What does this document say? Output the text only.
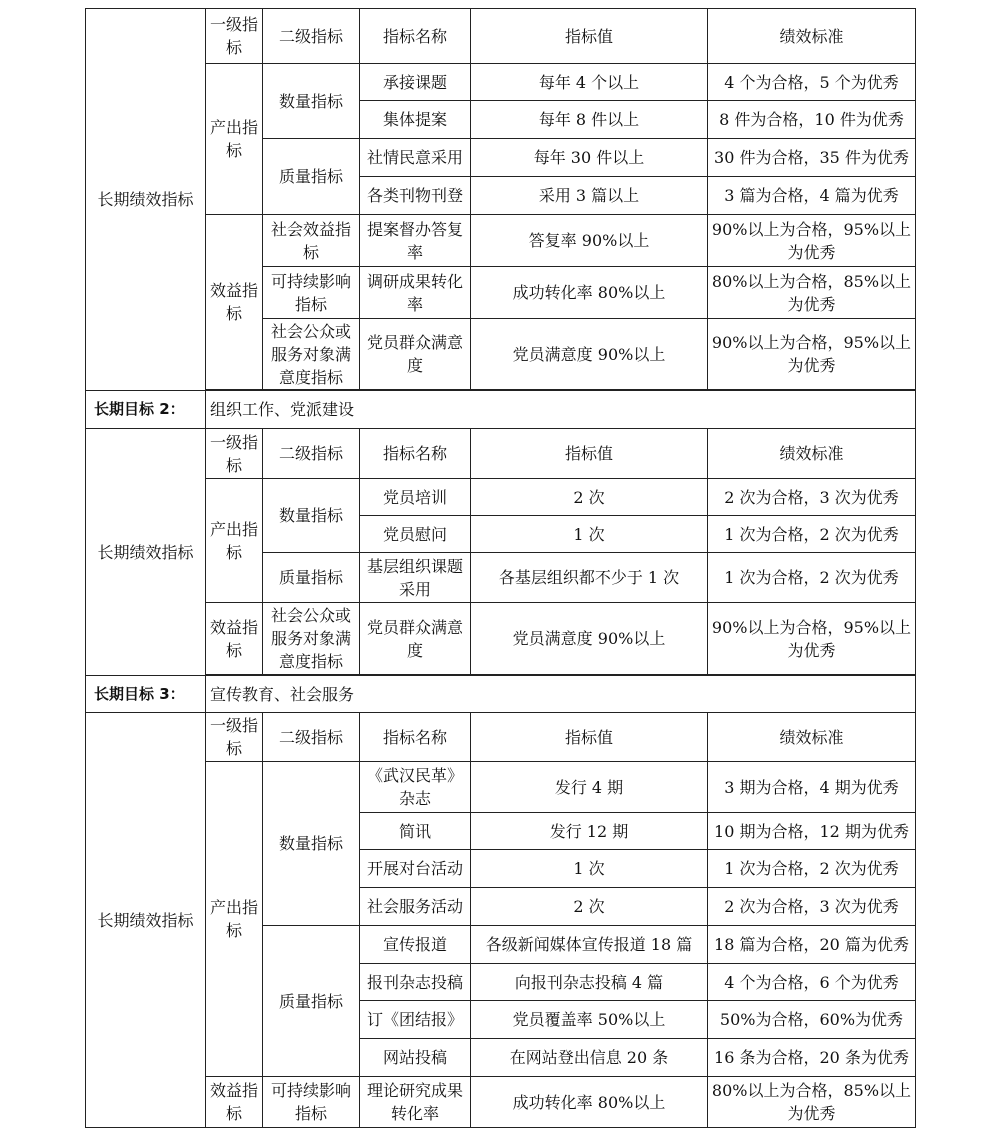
长期绩效指标	一级指标	二级指标	指标名称	指标值	绩效标准
	产出指标	数量指标	承接课题	每年 4 个以上	4 个为合格，5 个为优秀
			集体提案	每年 8 件以上	8 件为合格，10 件为优秀
		质量指标	社情民意采用	每年 30 件以上	30 件为合格，35 件为优秀
			各类刊物刊登	采用 3 篇以上	3 篇为合格，4 篇为优秀
	效益指标	社会效益指标	提案督办答复率	答复率 90%以上	90%以上为合格，95%以上为优秀
		可持续影响指标	调研成果转化率	成功转化率 80%以上	80%以上为合格，85%以上为优秀
		社会公众或服务对象满意度指标	党员群众满意度	党员满意度 90%以上	90%以上为合格，95%以上为优秀

长期目标 2：	组织工作、党派建设				
长期绩效指标	一级指标	二级指标	指标名称	指标值	绩效标准
	产出指标	数量指标	党员培训	2 次	2 次为合格，3 次为优秀
			党员慰问	1 次	1 次为合格，2 次为优秀
		质量指标	基层组织课题采用	各基层组织都不少于 1 次	1 次为合格，2 次为优秀
	效益指标	社会公众或服务对象满意度指标	党员群众满意度	党员满意度 90%以上	90%以上为合格，95%以上为优秀

长期目标 3：	宣传教育、社会服务				
长期绩效指标	一级指标	二级指标	指标名称	指标值	绩效标准
	产出指标	数量指标	《武汉民革》杂志	发行 4 期	3 期为合格，4 期为优秀
			简讯	发行 12 期	10 期为合格，12 期为优秀
			开展对台活动	1 次	1 次为合格，2 次为优秀
			社会服务活动	2 次	2 次为合格，3 次为优秀
		质量指标	宣传报道	各级新闻媒体宣传报道 18 篇	18 篇为合格，20 篇为优秀
			报刊杂志投稿	向报刊杂志投稿 4 篇	4 个为合格，6 个为优秀
			订《团结报》	党员覆盖率 50%以上	50%为合格，60%为优秀
			网站投稿	在网站登出信息 20 条	16 条为合格，20 条为优秀
	效益指标	可持续影响指标	理论研究成果转化率	成功转化率 80%以上	80%以上为合格，85%以上为优秀
